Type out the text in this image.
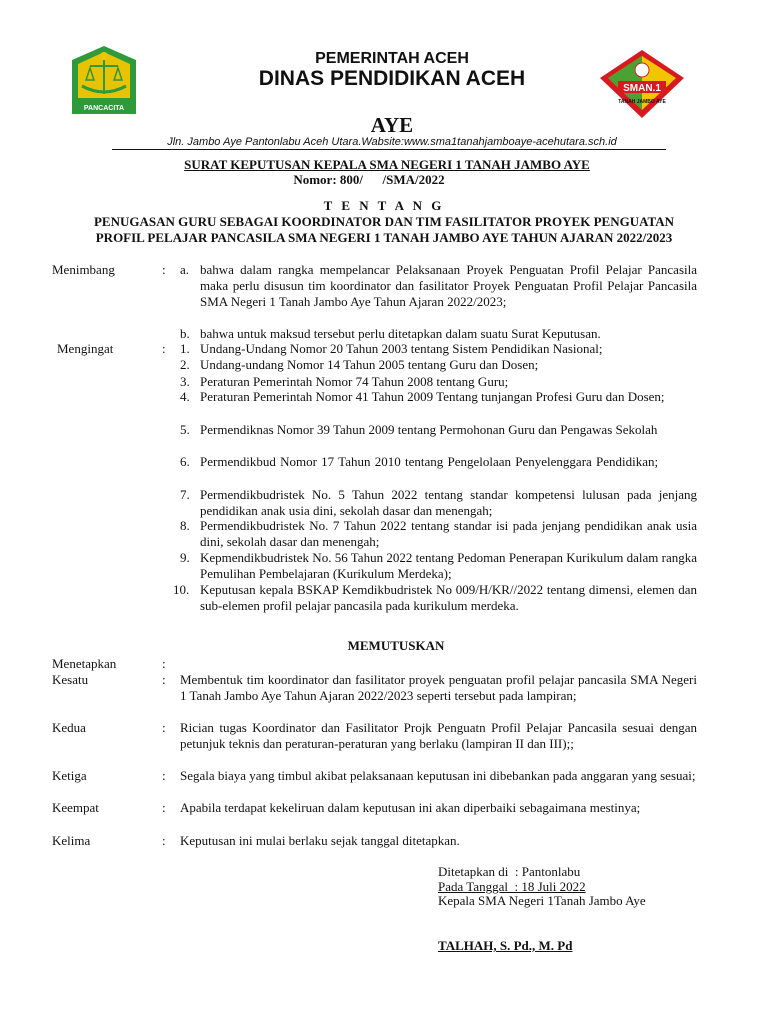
PANCACITA
SMAN.1
TANAH JAMBO AYE
PEMERINTAH ACEH
DINAS PENDIDIKAN ACEH
AYE
Jln. Jambo Aye Pantonlabu Aceh Utara.Wabsite:www.sma1tanahjamboaye-acehutara.sch.id
SURAT KEPUTUSAN KEPALA SMA NEGERI 1 TANAH JAMBO AYE
Nomor: 800/      /SMA/2022
T E N T A N G
PENUGASAN GURU SEBAGAI KOORDINATOR DAN TIM FASILITATOR PROYEK PENGUATAN
PROFIL PELAJAR PANCASILA SMA NEGERI 1 TANAH JAMBO AYE TAHUN AJARAN 2022/2023
Menimbang	: a. bahwa dalam rangka mempelancar Pelaksanaan Proyek Penguatan Profil Pelajar Pancasila maka perlu disusun tim koordinator dan fasilitator Proyek Penguatan Profil Pelajar Pancasila SMA Negeri 1 Tanah Jambo Aye Tahun Ajaran 2022/2023;
b. bahwa untuk maksud tersebut perlu ditetapkan dalam suatu Surat Keputusan.
Mengingat	: 1. Undang-Undang Nomor 20 Tahun 2003 tentang Sistem Pendidikan Nasional;
2. Undang-undang Nomor 14 Tahun 2005 tentang Guru dan Dosen;
3. Peraturan Pemerintah Nomor 74 Tahun 2008 tentang Guru;
4. Peraturan Pemerintah Nomor 41 Tahun 2009 Tentang tunjangan Profesi Guru dan Dosen;
5. Permendiknas Nomor 39 Tahun 2009 tentang Permohonan Guru dan Pengawas Sekolah
6. Permendikbud Nomor 17 Tahun 2010 tentang Pengelolaan Penyelenggara Pendidikan;
7. Permendikbudristek No. 5 Tahun 2022 tentang standar kompetensi lulusan pada jenjang pendidikan anak usia dini, sekolah dasar dan menengah;
8. Permendikbudristek No. 7 Tahun 2022 tentang standar isi pada jenjang pendidikan anak usia dini, sekolah dasar dan menengah;
9. Kepmendikbudristek No. 56 Tahun 2022 tentang Pedoman Penerapan Kurikulum dalam rangka Pemulihan Pembelajaran (Kurikulum Merdeka);
10. Keputusan kepala BSKAP Kemdikbudristek No 009/H/KR//2022 tentang dimensi, elemen dan sub-elemen profil pelajar pancasila pada kurikulum merdeka.
MEMUTUSKAN
Menetapkan	:
Kesatu	: Membentuk tim koordinator dan fasilitator proyek penguatan profil pelajar pancasila SMA Negeri 1 Tanah Jambo Aye Tahun Ajaran 2022/2023 seperti tersebut pada lampiran;
Kedua	: Rician tugas Koordinator dan Fasilitator Projk Penguatn Profil Pelajar Pancasila sesuai dengan petunjuk teknis dan peraturan-peraturan yang berlaku (lampiran II dan III);;
Ketiga	: Segala biaya yang timbul akibat pelaksanaan keputusan ini dibebankan pada anggaran yang sesuai;
Keempat	: Apabila terdapat kekeliruan dalam keputusan ini akan diperbaiki sebagaimana mestinya;
Kelima	: Keputusan ini mulai berlaku sejak tanggal ditetapkan.
Ditetapkan di  : Pantonlabu
Pada Tanggal  : 18 Juli 2022
Kepala SMA Negeri 1Tanah Jambo Aye
TALHAH, S. Pd., M. Pd
